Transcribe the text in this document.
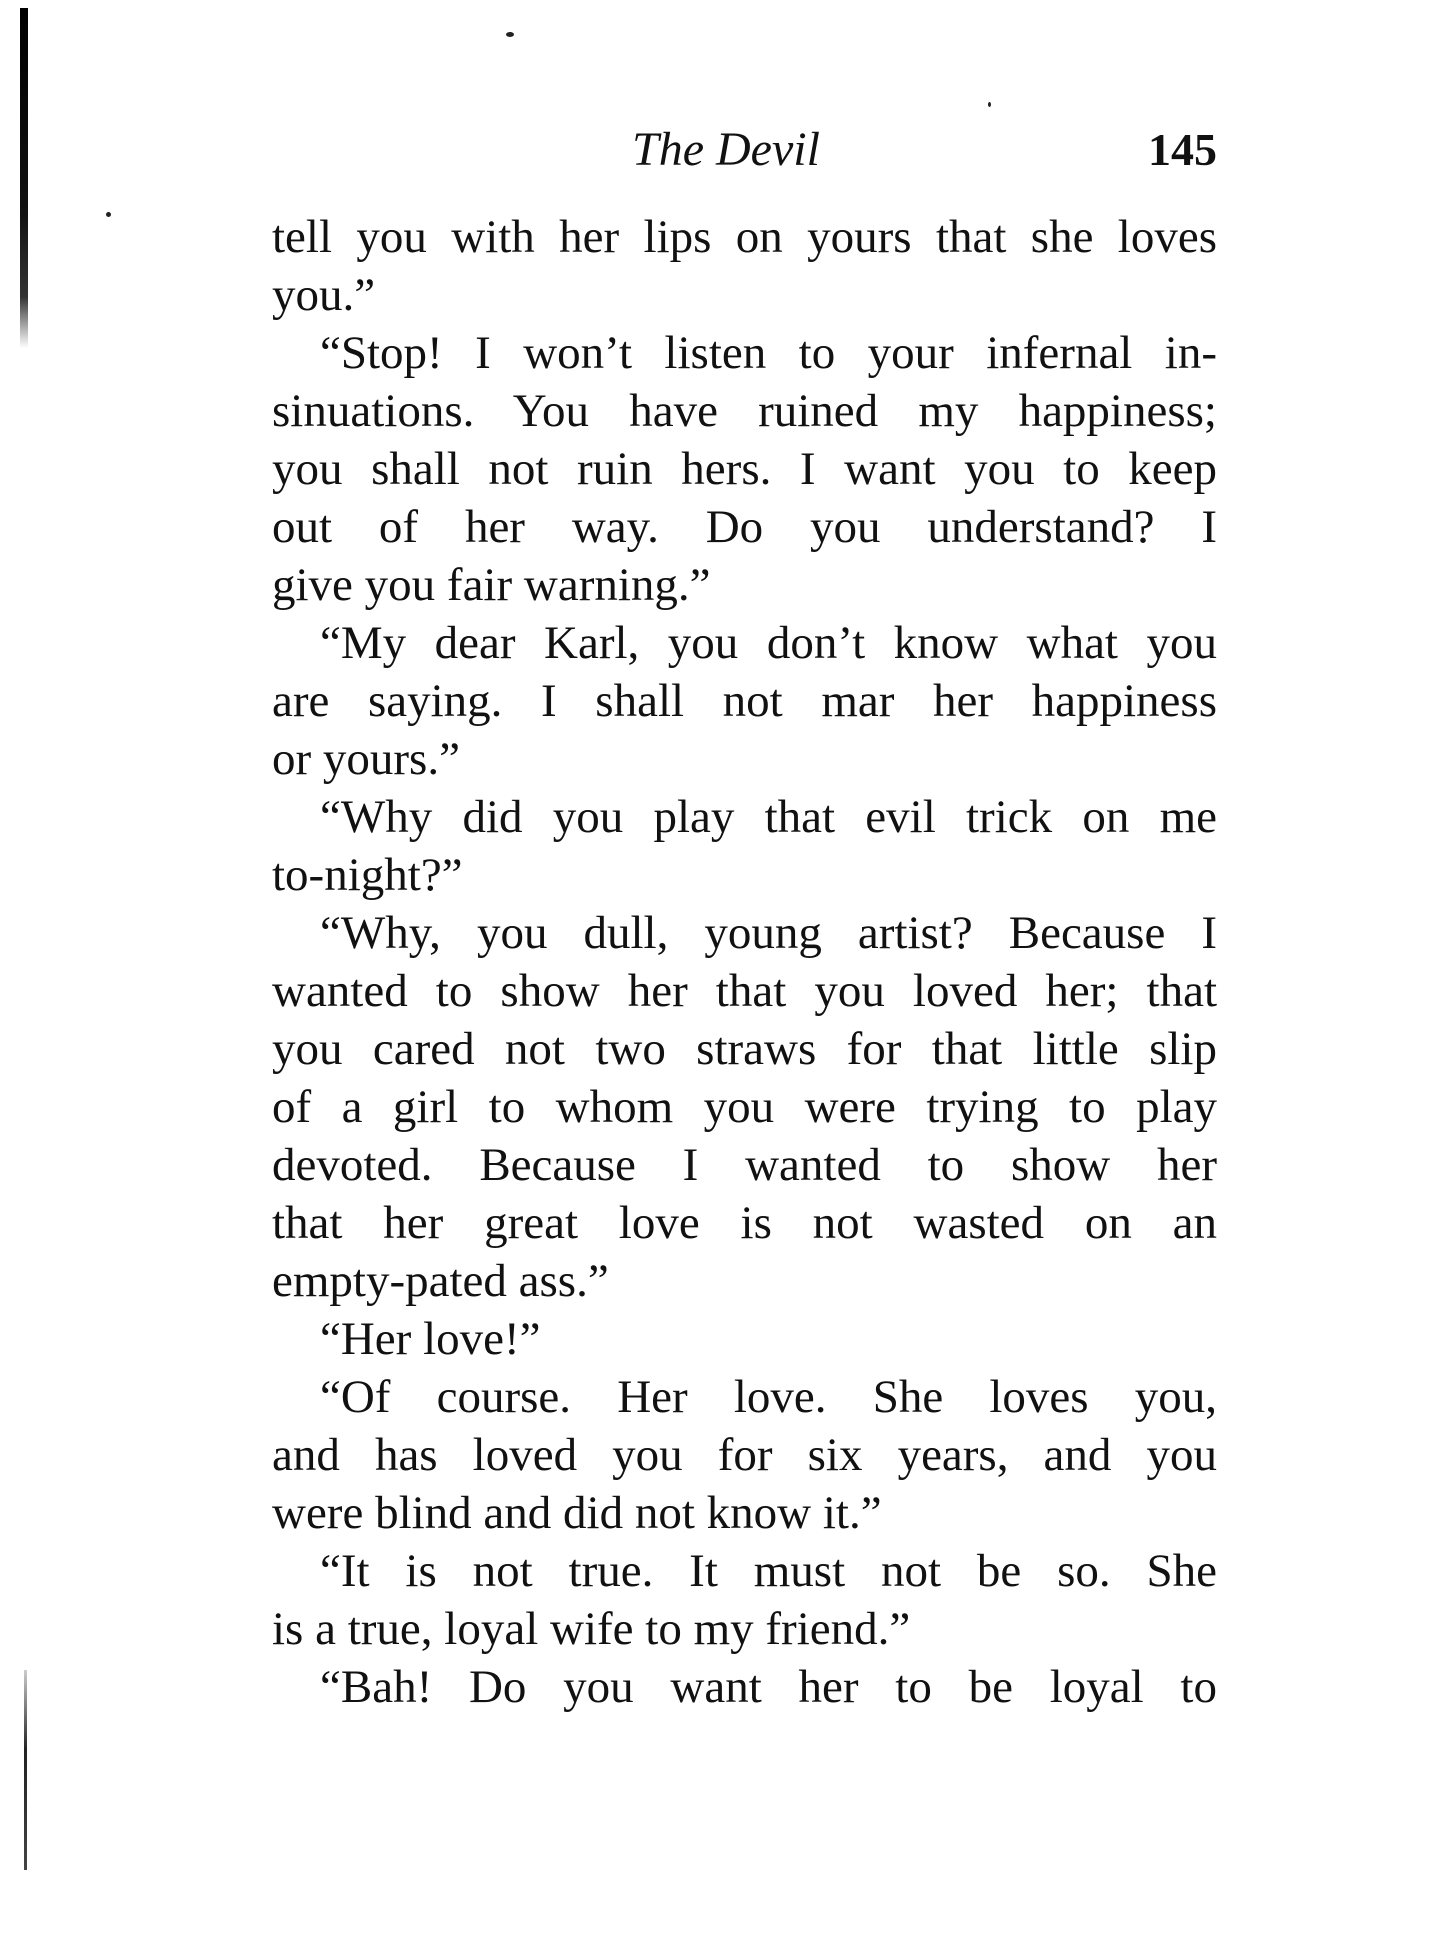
The Devil	145
tell you with her lips on yours that she loves
you.”
“Stop! I won’t listen to your infernal in-
sinuations. You have ruined my happiness;
you shall not ruin hers. I want you to keep
out of her way. Do you understand? I
give you fair warning.”
“My dear Karl, you don’t know what you
are saying. I shall not mar her happiness
or yours.”
“Why did you play that evil trick on me
to-night?”
“Why, you dull, young artist? Because I
wanted to show her that you loved her; that
you cared not two straws for that little slip
of a girl to whom you were trying to play
devoted. Because I wanted to show her
that her great love is not wasted on an
empty-pated ass.”
“Her love!”
“Of course. Her love. She loves you,
and has loved you for six years, and you
were blind and did not know it.”
“It is not true. It must not be so. She
is a true, loyal wife to my friend.”
“Bah! Do you want her to be loyal to
